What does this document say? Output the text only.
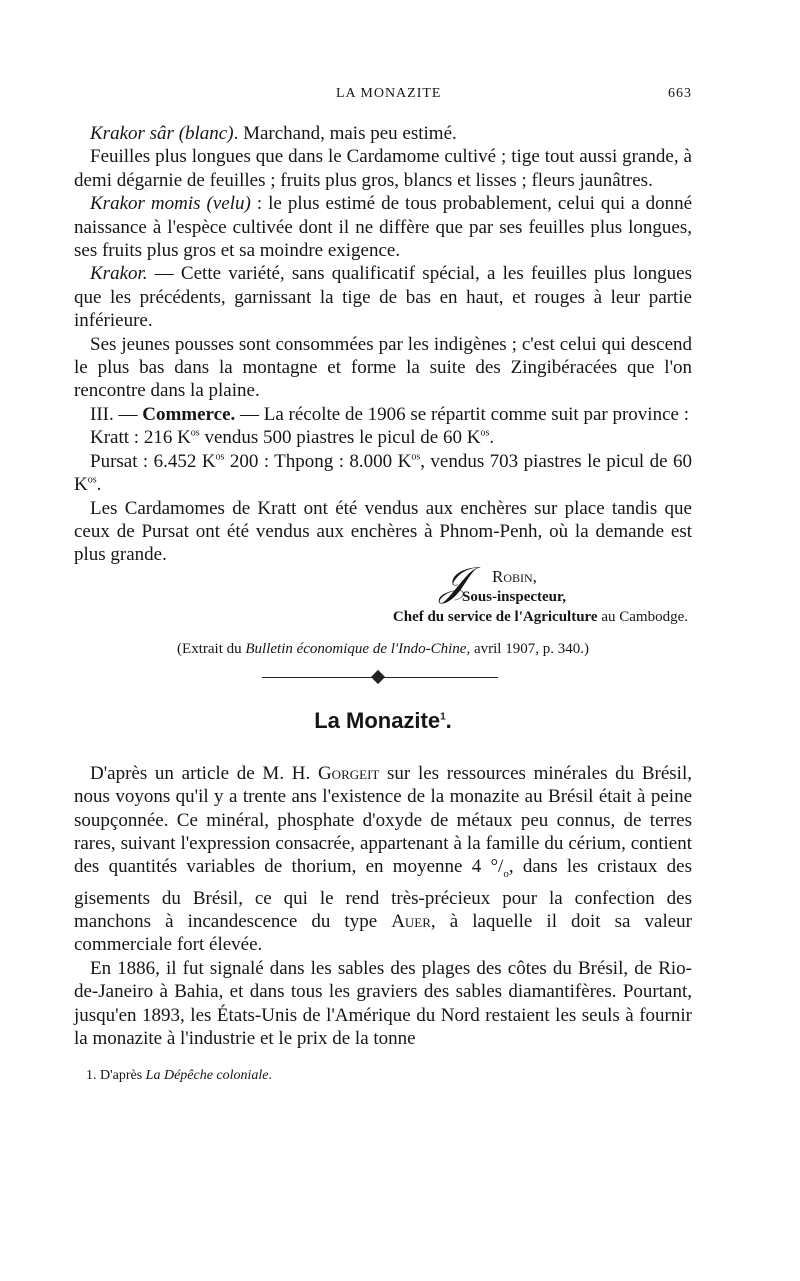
LA MONAZITE	663

Krakor sâr (blanc). Marchand, mais peu estimé.

Feuilles plus longues que dans le Cardamome cultivé ; tige tout aussi grande, à demi dégarnie de feuilles ; fruits plus gros, blancs et lisses ; fleurs jaunâtres.

Krakor momis (velu) : le plus estimé de tous probablement, celui qui a donné naissance à l'espèce cultivée dont il ne diffère que par ses feuilles plus longues, ses fruits plus gros et sa moindre exigence.

Krakor. — Cette variété, sans qualificatif spécial, a les feuilles plus longues que les précédents, garnissant la tige de bas en haut, et rouges à leur partie inférieure.

Ses jeunes pousses sont consommées par les indigènes ; c'est celui qui descend le plus bas dans la montagne et forme la suite des Zingibéracées que l'on rencontre dans la plaine.

III. — Commerce. — La récolte de 1906 se répartit comme suit par province :

Kratt : 216 $K^{os}$ vendus 500 piastres le picul de 60 $K^{os}$.

Pursat : 6.452 $K^{os}$ 200 : Thpong : 8.000 $K^{os}$, vendus 703 piastres le picul de 60 $K^{os}$.

Les Cardamomes de Kratt ont été vendus aux enchères sur place tandis que ceux de Pursat ont été vendus aux enchères à Phnom-Penh, où la demande est plus grande.

𝒥 Robin,
Sous-inspecteur,
Chef du service de l'Agriculture au Cambodge.
(Extrait du Bulletin économique de l'Indo-Chine, avril 1907, p. 340.)
La Monazite$^1$.

D'après un article de M. H. Gorgeit sur les ressources minérales du Brésil, nous voyons qu'il y a trente ans l'existence de la monazite au Brésil était à peine soupçonnée. Ce minéral, phosphate d'oxyde de métaux peu connus, de terres rares, suivant l'expression consacrée, appartenant à la famille du cérium, contient des quantités variables de thorium, en moyenne 4 $^\circ/_o$, dans les cristaux des gisements du Brésil, ce qui le rend très-précieux pour la confection des manchons à incandescence du type Auer, à laquelle il doit sa valeur commerciale fort élevée.

En 1886, il fut signalé dans les sables des plages des côtes du Brésil, de Rio-de-Janeiro à Bahia, et dans tous les graviers des sables diamantifères. Pourtant, jusqu'en 1893, les États-Unis de l'Amérique du Nord restaient les seuls à fournir la monazite à l'industrie et le prix de la tonne

1. D'après La Dépêche coloniale.
